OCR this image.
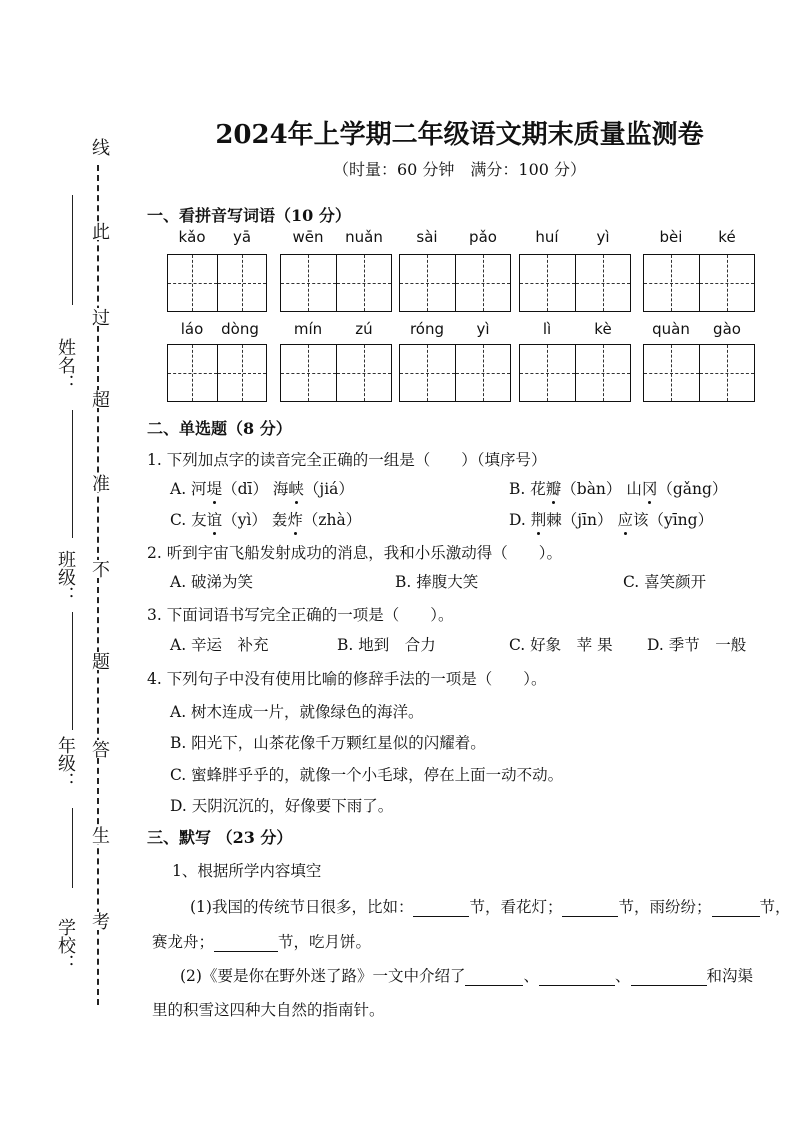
姓名：
班级：
年级：
学校：
线
此
过
超
准
不
题
答
生
考
2024年上学期二年级语文期末质量监测卷
（时量：60 分钟　满分：100 分）
一、看拼音写词语（10 分）
kǎo	yā	wēn	nuǎn	sài	pǎo	huí	yì	bèi	ké
láo	dòng	mín	zú	róng	yì	lì	kè	quàn	gào
二、单选题（8 分）
1. 下列加点字的读音完全正确的一组是（　　）（填序号）
A. 河堤（dī） 海峡（jiá）	B. 花瓣（bàn） 山冈（gǎng）
C. 友谊（yì） 轰炸（zhà）	D. 荆棘（jīn） 应该（yīng）
2. 听到宇宙飞船发射成功的消息，我和小乐激动得（　　）。
A. 破涕为笑	B. 捧腹大笑	C. 喜笑颜开
3. 下面词语书写完全正确的一项是（　　）。
A. 辛运　补充	B. 地到　合力	C. 好象　苹 果 D. 季节　一般
4. 下列句子中没有使用比喻的修辞手法的一项是（　　）。
A. 树木连成一片，就像绿色的海洋。
B. 阳光下，山茶花像千万颗红星似的闪耀着。
C. 蜜蜂胖乎乎的，就像一个小毛球，停在上面一动不动。
D. 天阴沉沉的，好像要下雨了。
三、默写 （23 分）
1、根据所学内容填空
(1)我国的传统节日很多，比如：	节，看花灯；	节，雨纷纷；	节，
赛龙舟；	节，吃月饼。
(2)《要是你在野外迷了路》一文中介绍了	、	、	和沟渠
里的积雪这四种大自然的指南针。
